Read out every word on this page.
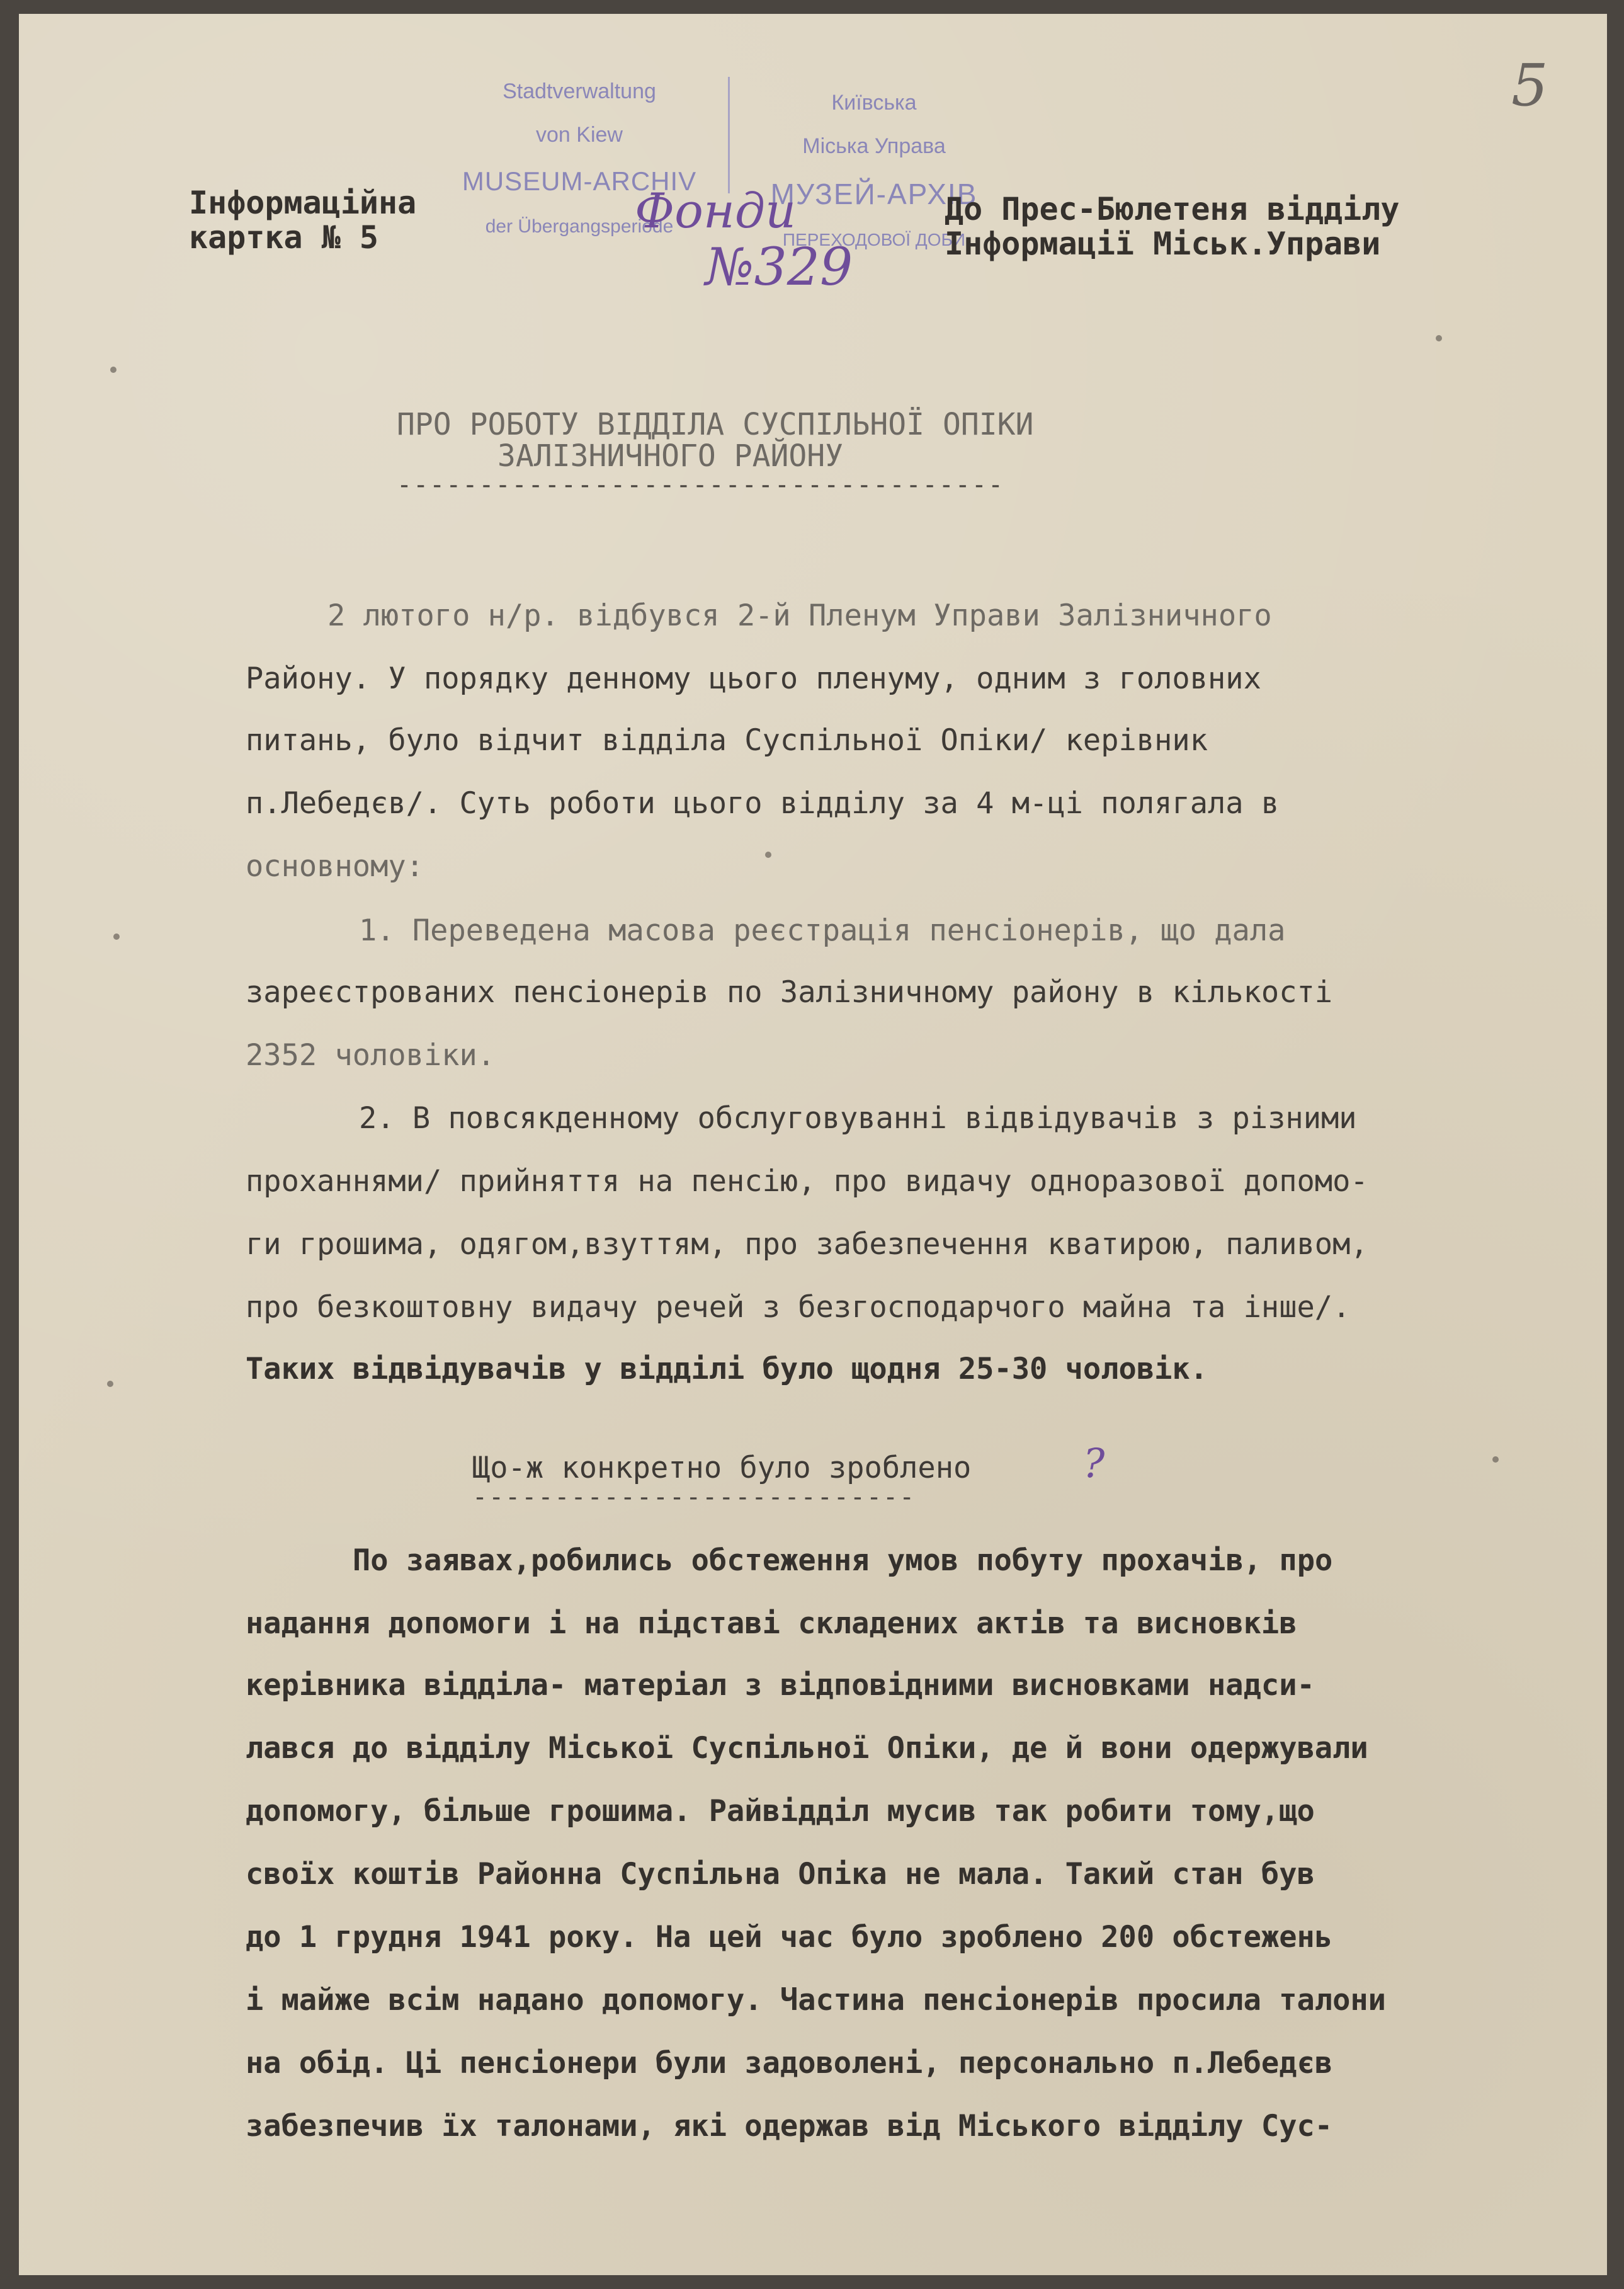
5

Stadtverwaltung

von Kiew

MUSEUM-ARCHIV

der Übergangsperiode

Київська

Міська Управа

МУЗЕЙ-АРХІВ

ПЕРЕХОДОВОЇ ДОБИ

Фонди
№329
Інформаційна
картка № 5
До Прес-Бюлетеня відділу
Інформації Міськ.Управи
ПРО РОБОТУ ВІДДІЛА СУСПІЛЬНОЇ ОПІКИ
ЗАЛІЗНИЧНОГО РАЙОНУ
-------------------------------------
2 лютого н/р. відбувся 2-й Пленум Управи Залізничного
Району. У порядку денному цього пленуму, одним з головних
питань, було відчит відділа Суспільної Опіки/ керівник
п.Лебедєв/. Суть роботи цього відділу за 4 м-ці полягала в
основному:
1. Переведена масова реєстрація пенсіонерів, що дала
зареєстрованих пенсіонерів по Залізничному району в кількості
2352 чоловіки.
2. В повсякденному обслуговуванні відвідувачів з різними
проханнями/ прийняття на пенсію, про видачу одноразової допомо-
ги грошима, одягом,взуттям, про забезпечення кватирою, паливом,
про безкоштовну видачу речей з безгосподарчого майна та інше/.
Таких відвідувачів у відділі було щодня 25-30 чоловік.
Що-ж конкретно було зроблено	?
---------------------------
По заявах,робились обстеження умов побуту прохачів, про
надання допомоги і на підставі складених актів та висновків
керівника відділа- матеріал з відповідними висновками надси-
лався до відділу Міської Суспільної Опіки, де й вони одержували
допомогу, більше грошима. Райвідділ мусив так робити тому,що
своїх коштів Районна Суспільна Опіка не мала. Такий стан був
до 1 грудня 1941 року. На цей час було зроблено 200 обстежень
і майже всім надано допомогу. Частина пенсіонерів просила талони
на обід. Ці пенсіонери були задоволені, персонально п.Лебедєв
забезпечив їх талонами, які одержав від Міського відділу Сус-
